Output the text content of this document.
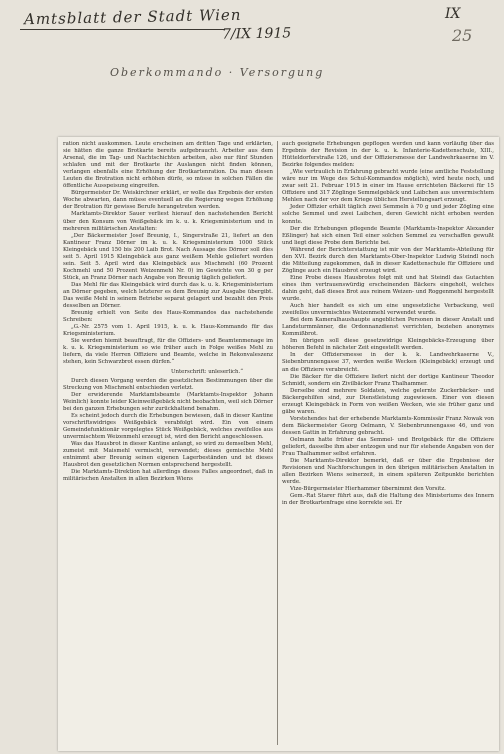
Amtsblatt der Stadt Wien
7/IX 1915
IX
25
Oberkommando · Versorgung

ration nicht auskommen. Leute erscheinen am dritten Tage und erklärten, sie hätten die ganze Brotkarte bereits aufgebraucht. Arbeiter aus dem Arsenal, die im Tag- und Nachtschichten arbeiten, also nur fünf Stunden schlafen und mit der Brotkarte ihr Auslangen nicht finden können, verlangen ebenfalls eine Erhöhung der Brotkartenration. Da man diesen Leuten die Brotration nicht erhöhen dürfe, so müsse in solchen Fällen die öffentliche Ausspeisung eingreifen.

Bürgermeister Dr. Weiskirchner erklärt, er wolle das Ergebnis der ersten Woche abwarten, dann müsse eventuell an die Regierung wegen Erhöhung der Brotration für gewisse Berufe herangetreten werden.

Marktamts-Direktor Sauer verliest hierauf den nachstehenden Bericht über den Konsum von Weißgebäck im k. u. k. Kriegsministerium und in mehreren militärischen Anstalten:

„Der Bäckermeister Josef Breunig, I., Singerstraße 21, liefert an den Kantineur Franz Dörner im k. u. k. Kriegsministerium 1000 Stück Kleingebäck und 150 bis 200 Laib Brot. Nach Aussage des Dörner soll dies seit 5. April 1915 Kleingebäck aus ganz weißem Mehle geliefert worden sein. Seit 5. April wird das Kleingebäck aus Mischmehl (60 Prozent Kochmehl und 50 Prozent Weizenmehl Nr. 0) im Gewichte von 30 g per Stück, an Franz Dörner nach Angabe von Breunig täglich geliefert.

Das Mehl für das Kleingebäck wird durch das k. u. k. Kriegsministerium an Dörner gegeben, welch letzterer es dem Breunig zur Ausgabe übergibt. Das weiße Mehl in seinem Betriebe separat gelagert und bezahlt den Preis desselben an Dörner.

Breunig erhielt von Seite des Haus-Kommandos das nachstehende Schreiben:

„G.-Nr. 2575 vom 1. April 1915, k. u. k. Haus-Kommando für das Kriegsministerium.

Sie werden hiemit beauftragt, für die Offiziers- und Beamtenmenage im k. u. k. Kriegsministerium so wie früher auch in Folge weißes Mehl zu liefern, da viele Herren Offiziere und Beamte, welche in Rekonvaleszenz stehen, kein Schwarzbrot essen dürfen.“

Unterschrift: unleserlich.“

Durch diesen Vorgang werden die gesetzlichen Bestimmungen über die Streckung von Mischmehl entschieden verletzt.

Der erwiderende Marktamtsbeamte (Marktamts-Inspektor Johann Weinlich) konnte leider Kleinweißgebäck nicht beobachten, weil sich Dörner bei den ganzen Erhebungen sehr zurückhaltend benahm.

Es scheint jedoch durch die Erhebungen bewiesen, daß in dieser Kantine vorschriftswidriges Weißgebäck verabfolgt wird. Ein von einem Gemeindefunktionär vorgelegtes Stück Weißgebäck, welches zweifellos aus unvermischtem Weizenmehl erzeugt ist, wird den Bericht angeschlossen.

Was das Hausbrot in dieser Kantine anlangt, so wird zu demselben Mehl, zumeist mit Maismehl vermischt, verwendet; dieses gemischte Mehl entnimmt aber Breunig seinen eigenen Lagerbeständen und ist dieses Hausbrot den gesetzlichen Normen entsprechend hergestellt.

Die Marktamts-Direktion hat allerdings dieses Falles angeordnet, daß in militärischen Anstalten in allen Bezirken Wiens

auch geeignete Erhebungen gepflogen werden und kann vorläufig über das Ergebnis der Revision in der k. u. k. Infanterie-Kadettenschule, XIII., Hütteldorferstraße 126, und der Offiziersmesse der Landwehrkaserne im V. Bezirke folgendes melden:

„Wie vertraulich in Erfahrung gebracht wurde (eine amtliche Feststellung wäre nur im Wege des Schul-Kommandos möglich), wird heute noch, und zwar seit 21. Februar 1915 in einer im Hause errichteten Bäckerei für 15 Offiziere und 317 Zöglinge Semmelgebäck und Laibchen aus unvermischtem Mehlen nach der vor dem Kriege üblichen Herstellungsart erzeugt.

Jeder Offizier erhält täglich zwei Semmeln à 70 g und jeder Zögling eine solche Semmel und zwei Laibchen, deren Gewicht nicht erhoben werden konnte.

Der die Erhebungen pflegende Beamte (Marktamts-Inspektor Alexander Eßlinger) hat sich einen Teil einer solchen Semmel zu verschaffen gewußt und liegt diese Probe dem Berichte bei.

Während der Berichterstattung ist mir von der Marktamts-Abteilung für den XVI. Bezirk durch den Marktamts-Ober-Inspektor Ludwig Steindl noch die Mitteilung zugekommen, daß in dieser Kadettenschule für Offiziere und Zöglinge auch ein Hausbrot erzeugt wird.

Eine Probe dieses Hausbrotes folgt mit und hat Steindl das Gutachten eines ihm vertrauenswürdig erscheinenden Bäckers eingeholt, welches dahin geht, daß dieses Brot aus reinem Weizen- und Roggenmehl hergestellt wurde.

Auch hier handelt es sich um eine ungesetzliche Verbackung, weil zweifellos unvermischtes Weizenmehl verwendet wurde.

Bei dem Kameralhaushaupte angeblichen Personen in dieser Anstalt und Landsturmmänner, die Ordonnanzdienst verrichten, beziehen anonymes Kommißbrot.

Im übrigen soll diese gesetzwidrige Kleingebäcks-Erzeugung über höheren Befehl in nächster Zeit eingestellt werden.

In der Offiziersmesse in der k. k. Landwehrkaserne V., Siebenbrunnengasse 37, werden weiße Wecken (Kleingebäck) erzeugt und an die Offiziere verabreicht.

Die Bäcker für die Offiziere liefert nicht der dortige Kantineur Theodor Schmidt, sondern ein Zivilbäcker Franz Thalhammer.

Derselbe sind mehrere Soldaten, welche gelernte Zuckerbäcker- und Bäckergehilfen sind, zur Dienstleistung zugewiesen. Einer von diesen erzeugt Kleingebäck in Form von weißen Wecken, wie sie früher ganz und gäbe waren.

Vorstehendes hat der erhebende Marktamts-Kommissär Franz Nowak von dem Bäckermeister Georg Oelmann, V. Siebenbrunnengasse 46, und von dessen Gattin in Erfahrung gebracht.

Oelmann hatte früher das Semmel- und Brotgebäck für die Offiziere geliefert, dasselbe ihm aber entzogen und nur für stehende Angaben von der Frau Thalhammer selbst erfahren.

Die Marktamts-Direktor bemerkt, daß er über die Ergebnisse der Revisionen und Nachforschungen in den übrigen militärischen Anstalten in allen Bezirken Wiens seinerzeit, in einem späteren Zeitpunkte berichten werde.

Vize-Bürgermeister Hierhammer übernimmt den Vorsitz.

Gem.-Rat Starer führt aus, daß die Haltung des Ministeriums des Innern in der Brotkartenfrage eine korrekte sei. Er
